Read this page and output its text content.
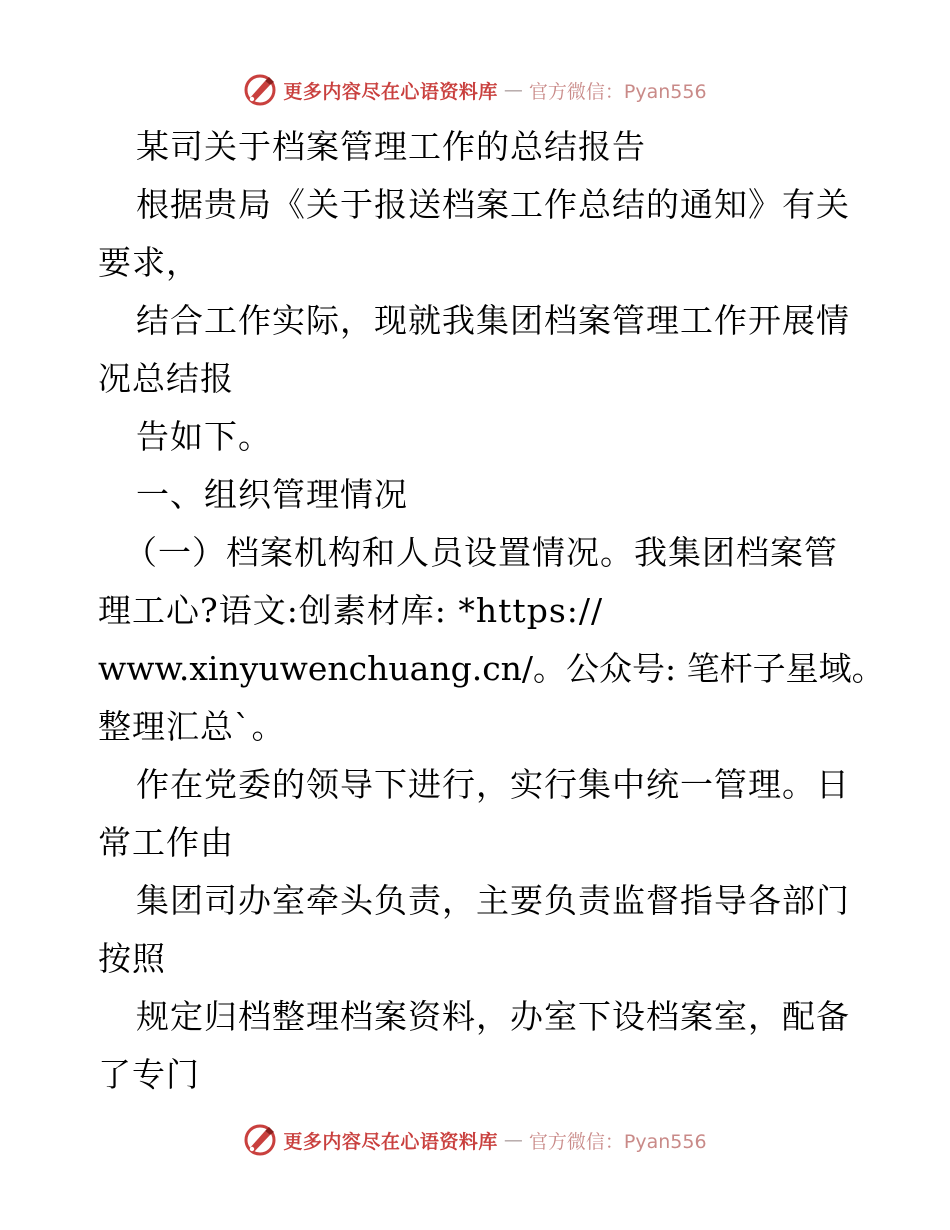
更多内容尽在心语资料库 — 官方微信：Pyan556
某司关于档案管理工作的总结报告
根据贵局《关于报送档案工作总结的通知》有关
要求，
结合工作实际，现就我集团档案管理工作开展情
况总结报
告如下。
一、组织管理情况
（一）档案机构和人员设置情况。我集团档案管
理工心?语文:创素材库: *https://
www.xinyuwenchuang.cn/。公众号: 笔杆子星域。
整理汇总`。
作在党委的领导下进行，实行集中统一管理。日
常工作由
集团司办室牵头负责，主要负责监督指导各部门
按照
规定归档整理档案资料，办室下设档案室，配备
了专门
更多内容尽在心语资料库 — 官方微信：Pyan556
